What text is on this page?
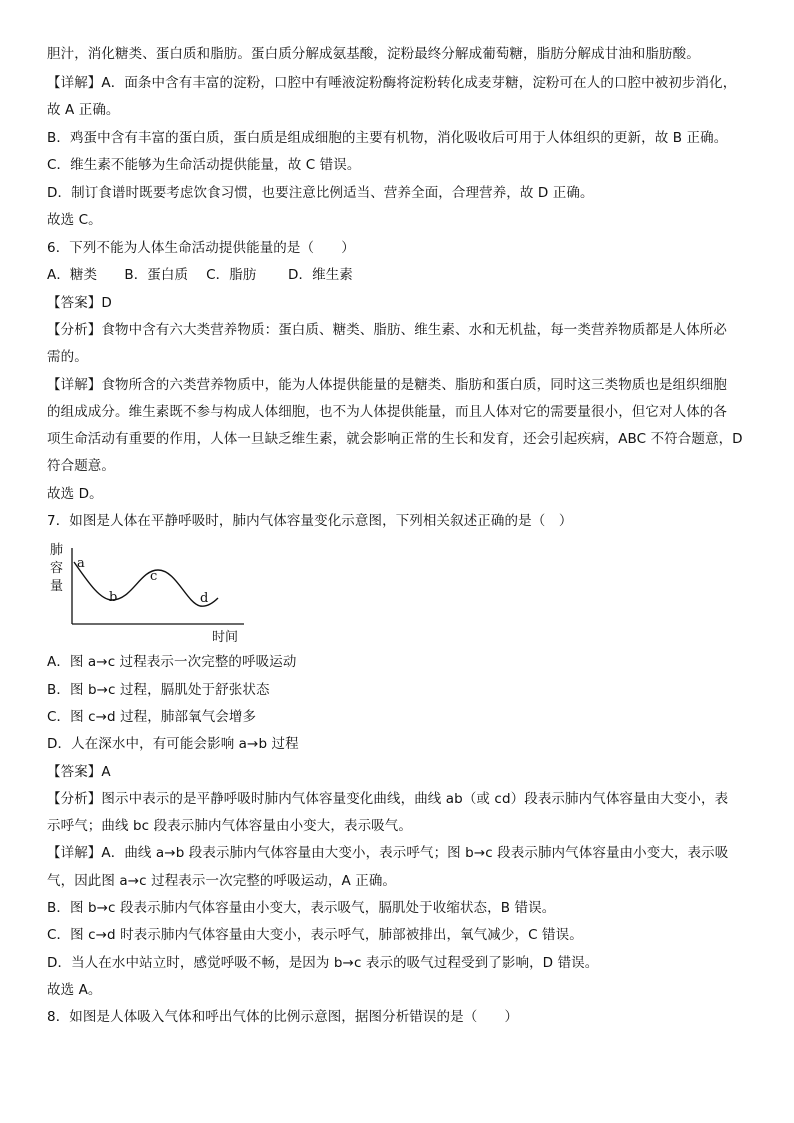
胆汁，消化糖类、蛋白质和脂肪。蛋白质分解成氨基酸，淀粉最终分解成葡萄糖，脂肪分解成甘油和脂肪酸。
【详解】A．面条中含有丰富的淀粉，口腔中有唾液淀粉酶将淀粉转化成麦芽糖，淀粉可在人的口腔中被初步消化，
故 A 正确。
B．鸡蛋中含有丰富的蛋白质，蛋白质是组成细胞的主要有机物，消化吸收后可用于人体组织的更新，故 B 正确。
C．维生素不能够为生命活动提供能量，故 C 错误。
D．制订食谱时既要考虑饮食习惯，也要注意比例适当、营养全面，合理营养，故 D 正确。
故选 C。
6．下列不能为人体生命活动提供能量的是（　　）
A．糖类　　B．蛋白质　 C．脂肪　　 D．维生素
【答案】D
【分析】食物中含有六大类营养物质：蛋白质、糖类、脂肪、维生素、水和无机盐，每一类营养物质都是人体所必
需的。
【详解】食物所含的六类营养物质中，能为人体提供能量的是糖类、脂肪和蛋白质，同时这三类物质也是组织细胞
的组成成分。维生素既不参与构成人体细胞，也不为人体提供能量，而且人体对它的需要量很小，但它对人体的各
项生命活动有重要的作用，人体一旦缺乏维生素，就会影响正常的生长和发育，还会引起疾病，ABC 不符合题意，D
符合题意。
故选 D。
7．如图是人体在平静呼吸时，肺内气体容量变化示意图，下列相关叙述正确的是（　）
肺
容
量
a
b
c
d
时间
A．图 a→c 过程表示一次完整的呼吸运动
B．图 b→c 过程，膈肌处于舒张状态
C．图 c→d 过程，肺部氧气会增多
D．人在深水中，有可能会影响 a→b 过程
【答案】A
【分析】图示中表示的是平静呼吸时肺内气体容量变化曲线，曲线 ab（或 cd）段表示肺内气体容量由大变小，表
示呼气；曲线 bc 段表示肺内气体容量由小变大，表示吸气。
【详解】A．曲线 a→b 段表示肺内气体容量由大变小，表示呼气；图 b→c 段表示肺内气体容量由小变大，表示吸
气，因此图 a→c 过程表示一次完整的呼吸运动，A 正确。
B．图 b→c 段表示肺内气体容量由小变大，表示吸气，膈肌处于收缩状态，B 错误。
C．图 c→d 时表示肺内气体容量由大变小，表示呼气，肺部被排出，氧气减少，C 错误。
D．当人在水中站立时，感觉呼吸不畅，是因为 b→c 表示的吸气过程受到了影响，D 错误。
故选 A。
8．如图是人体吸入气体和呼出气体的比例示意图，据图分析错误的是（　　）
